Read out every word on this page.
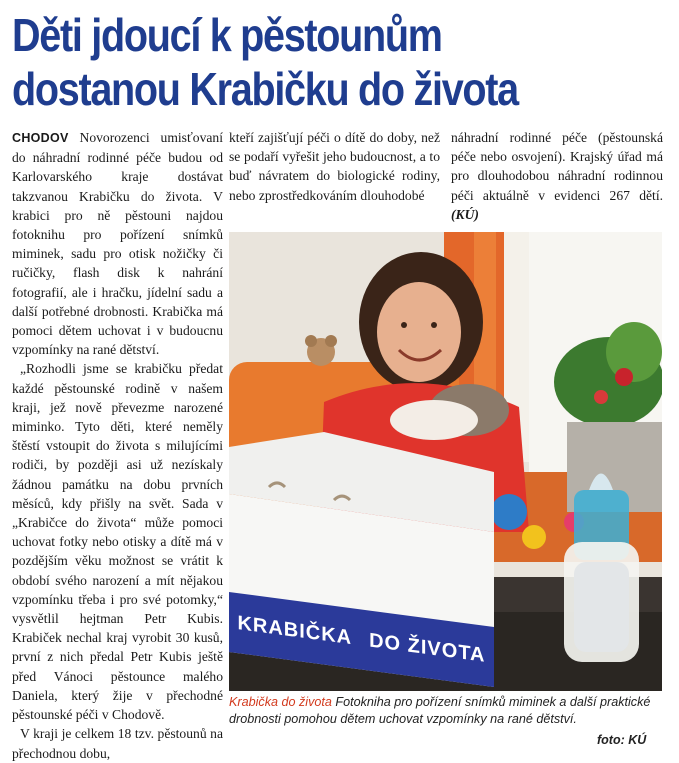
Děti jdoucí k pěstounům
dostanou Krabičku do života

CHODOV Novorozenci umisťovaní do náhradní rodinné péče budou od Karlovarského kraje dostávat takzvanou Krabičku do života. V krabici pro ně pěstouni najdou fotoknihu pro pořízení snímků miminek, sadu pro otisk nožičky či ručičky, flash disk k nahrání fotografií, ale i hračku, jídelní sadu a další potřebné drobnosti. Krabička má pomoci dětem uchovat i v budoucnu vzpomínky na rané dětství.

„Rozhodli jsme se krabičku předat každé pěstounské rodině v našem kraji, jež nově převezme narozené miminko. Tyto děti, které neměly štěstí vstoupit do života s milujícími rodiči, by později asi už nezískaly žádnou památku na dobu prvních měsíců, kdy přišly na svět. Sada v „Krabičce do života“ může pomoci uchovat fotky nebo otisky a dítě má v pozdějším věku možnost se vrátit k období svého narození a mít nějakou vzpomínku třeba i pro své potomky,“ vysvětlil hejtman Petr Kubis. Krabiček nechal kraj vyrobit 30 kusů, první z nich předal Petr Kubis ještě před Vánoci pěstounce malého Daniela, který žije v přechodné pěstounské péči v Chodově.

V kraji je celkem 18 tzv. pěstounů na přechodnou dobu,

kteří zajišťují péči o dítě do doby, než se podaří vyřešit jeho budoucnost, a to buď návratem do biologické rodiny, nebo zprostředkováním dlouhodobé

náhradní rodinné péče (pěstounská péče nebo osvojení). Krajský úřad má pro dlouhodobou náhradní rodinnou péči aktuálně v evidenci 267 dětí. (KÚ)

KRABIČKA DO ŽIVOTA
Krabička do života Fotokniha pro pořízení snímků miminek a další praktické drobnosti pomohou dětem uchovat vzpomínky na rané dětství.
foto: KÚ
